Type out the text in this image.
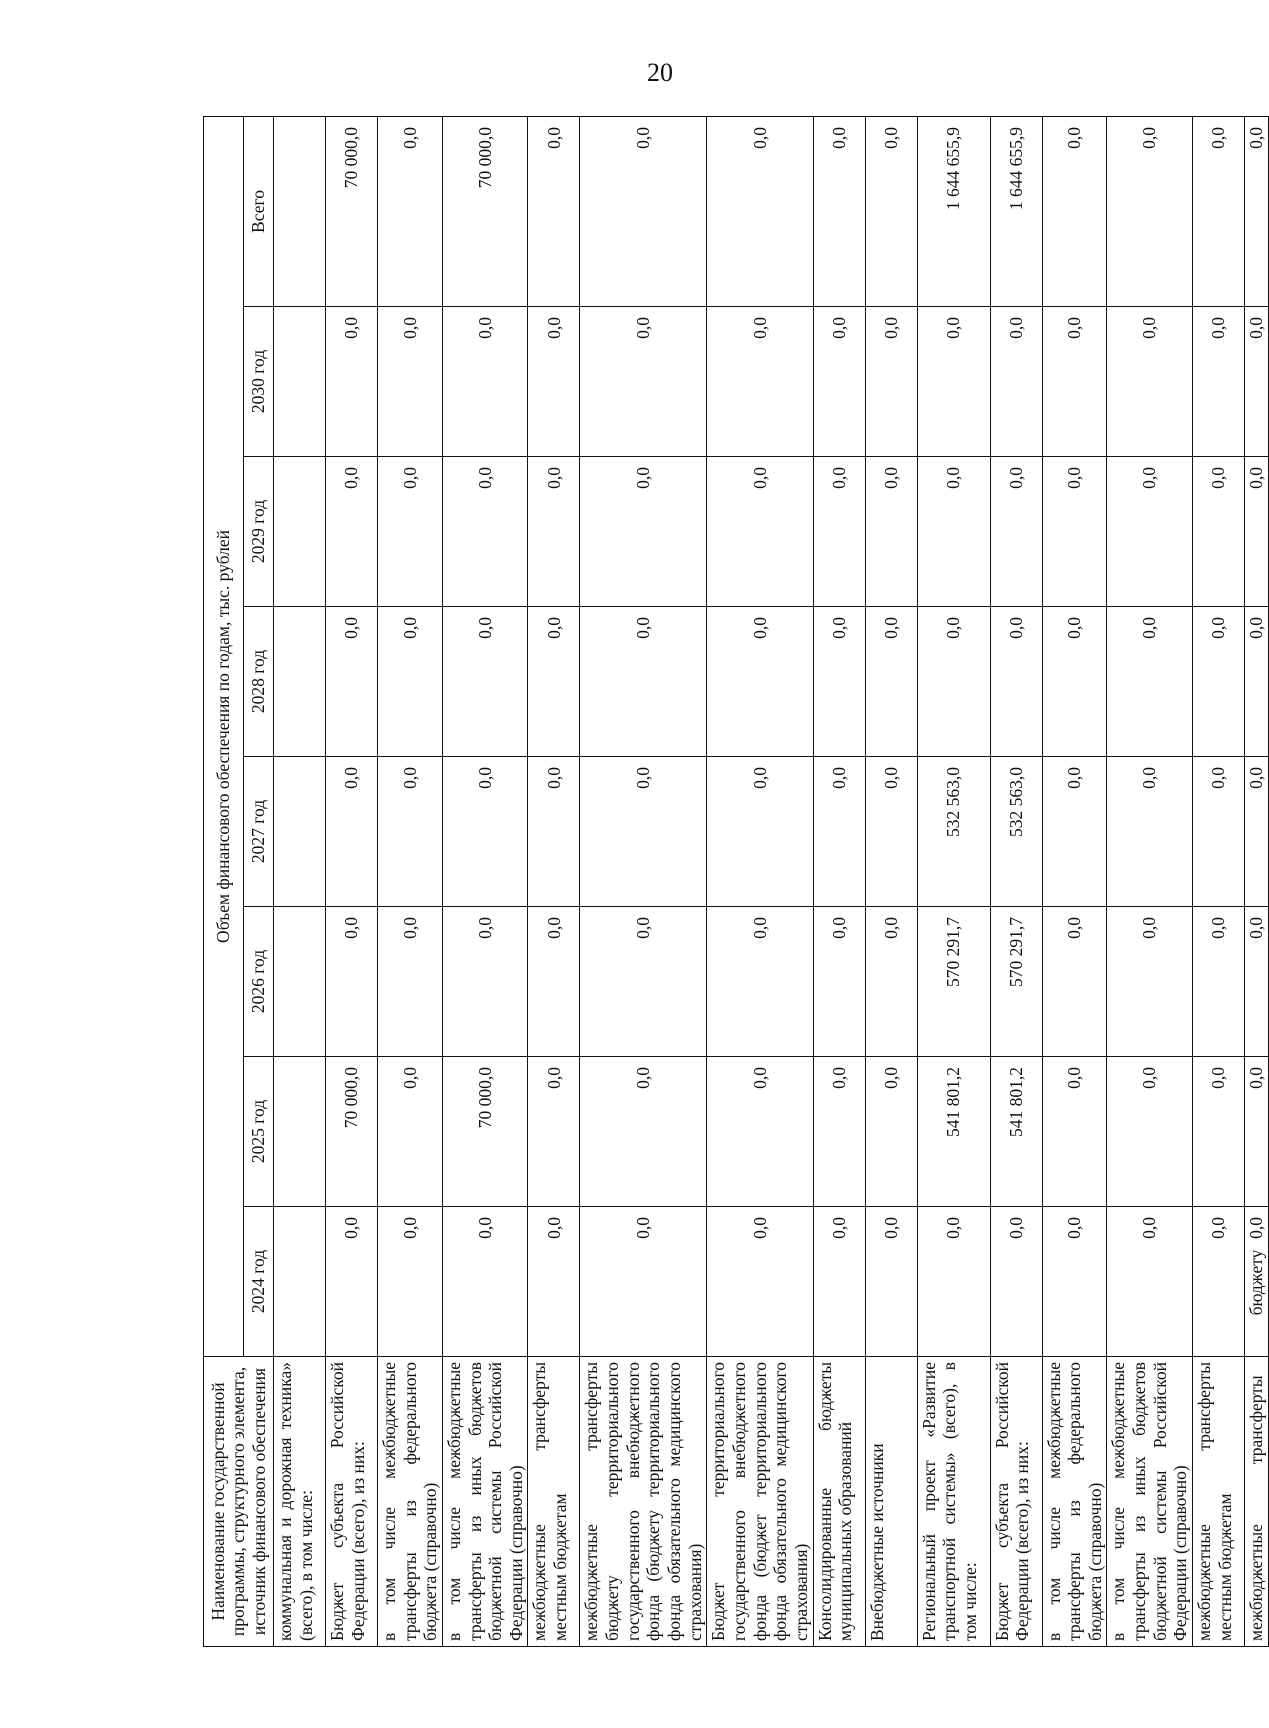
20
Наименование государственной программы, структурного элемента, источник финансового обеспечения	Объем финансового обеспечения по годам, тыс. рублей							
	2024 год	2025 год	2026 год	2027 год	2028 год	2029 год	2030 год	Всего
коммунальная и дорожная техника» (всего), в том числе:								
Бюджет субъекта Российской Федерации (всего), из них:	0,0	70 000,0	0,0	0,0	0,0	0,0	0,0	70 000,0
в том числе межбюджетные трансферты из федерального бюджета (справочно)	0,0	0,0	0,0	0,0	0,0	0,0	0,0	0,0
в том числе межбюджетные трансферты из иных бюджетов бюджетной системы Российской Федерации (справочно)	0,0	70 000,0	0,0	0,0	0,0	0,0	0,0	70 000,0
межбюджетные трансферты местным бюджетам	0,0	0,0	0,0	0,0	0,0	0,0	0,0	0,0
межбюджетные трансферты бюджету территориального государственного внебюджетного фонда (бюджету территориального фонда обязательного медицинского страхования)	0,0	0,0	0,0	0,0	0,0	0,0	0,0	0,0
Бюджет территориального государственного внебюджетного фонда (бюджет территориального фонда обязательного медицинского страхования)	0,0	0,0	0,0	0,0	0,0	0,0	0,0	0,0
Консолидированные бюджеты муниципальных образований	0,0	0,0	0,0	0,0	0,0	0,0	0,0	0,0
Внебюджетные источники	0,0	0,0	0,0	0,0	0,0	0,0	0,0	0,0
Региональный проект «Развитие транспортной системы» (всего), в том числе:	0,0	541 801,2	570 291,7	532 563,0	0,0	0,0	0,0	1 644 655,9
Бюджет субъекта Российской Федерации (всего), из них:	0,0	541 801,2	570 291,7	532 563,0	0,0	0,0	0,0	1 644 655,9
в том числе межбюджетные трансферты из федерального бюджета (справочно)	0,0	0,0	0,0	0,0	0,0	0,0	0,0	0,0
в том числе межбюджетные трансферты из иных бюджетов бюджетной системы Российской Федерации (справочно)	0,0	0,0	0,0	0,0	0,0	0,0	0,0	0,0
межбюджетные трансферты местным бюджетам	0,0	0,0	0,0	0,0	0,0	0,0	0,0	0,0
межбюджетныетрансфертыбюджету	0,0	0,0	0,0	0,0	0,0	0,0	0,0	0,0
